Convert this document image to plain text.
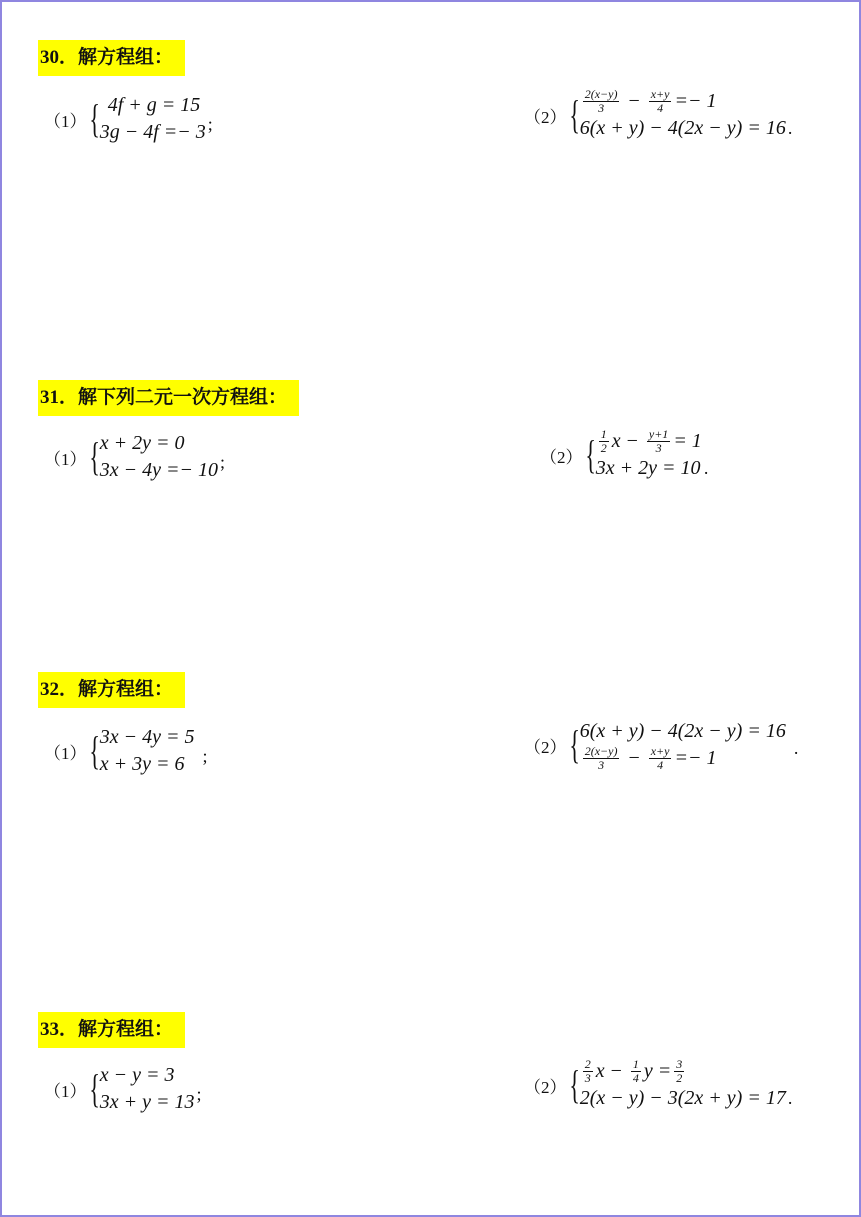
30．解方程组：
（1） { 4f + g = 15
3g − 4f =− 3 ;	（2） { $\frac{2(x-y)}{3} - \frac{x+y}{4} =- 1$
6(x + y) − 4(2x − y) = 16 .
31．解下列二元一次方程组：
（1） { x + 2y = 0
3x − 4y =− 10 ;	（2） { $\frac{1}{2}$ $x - \frac{y+1}{3} = 1$
3x + 2y = 10 .
32．解方程组：
（1） { 3x − 4y = 5
x + 3y = 6	;	（2） { 6(x + y) − 4(2x − y) = 16
$\frac{2(x-y)}{3} - \frac{x+y}{4} =- 1$	.
33．解方程组：
（1） { x − y = 3
3x + y = 13 ;	（2） { $\frac{2}{3}$ $x - \frac{1}{4}$ $y = \frac{3}{2}$
2(x − y) − 3(2x + y) = 17 .
